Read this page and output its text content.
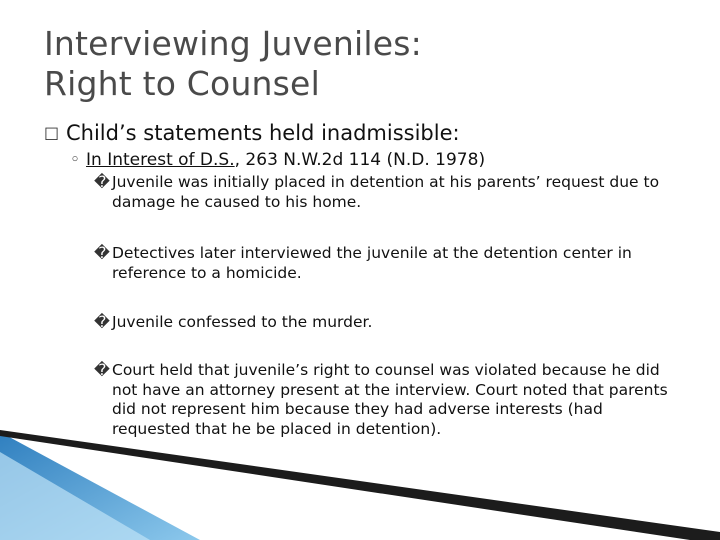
Interviewing Juveniles:
Right to Counsel
□ Child’s statements held inadmissible:
◦ In Interest of D.S., 263 N.W.2d 114 (N.D. 1978)
� Juvenile was initially placed in detention at his parents’ request due to damage he caused to his home.
� Detectives later interviewed the juvenile at the detention center in reference to a homicide.
� Juvenile confessed to the murder.
� Court held that juvenile’s right to counsel was violated because he did not have an attorney present at the interview. Court noted that parents did not represent him because they had adverse interests (had requested that he be placed in detention).
